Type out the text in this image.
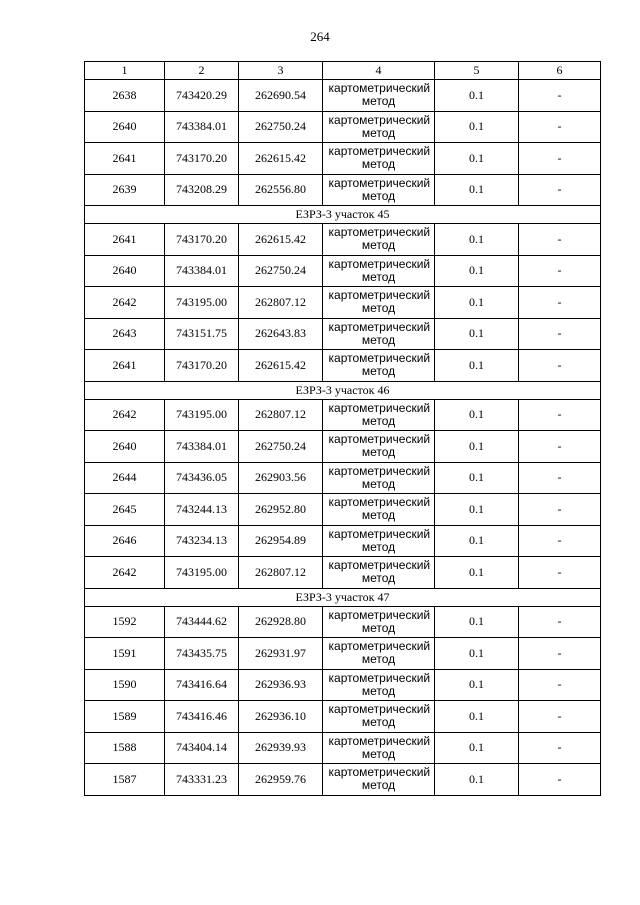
264
1	2	3	4	5	6
2638	743420.29	262690.54	картометрический метод	0.1	-
2640	743384.01	262750.24	картометрический метод	0.1	-
2641	743170.20	262615.42	картометрический метод	0.1	-
2639	743208.29	262556.80	картометрический метод	0.1	-
ЕЗРЗ-3 участок 45					
2641	743170.20	262615.42	картометрический метод	0.1	-
2640	743384.01	262750.24	картометрический метод	0.1	-
2642	743195.00	262807.12	картометрический метод	0.1	-
2643	743151.75	262643.83	картометрический метод	0.1	-
2641	743170.20	262615.42	картометрический метод	0.1	-
ЕЗРЗ-3 участок 46					
2642	743195.00	262807.12	картометрический метод	0.1	-
2640	743384.01	262750.24	картометрический метод	0.1	-
2644	743436.05	262903.56	картометрический метод	0.1	-
2645	743244.13	262952.80	картометрический метод	0.1	-
2646	743234.13	262954.89	картометрический метод	0.1	-
2642	743195.00	262807.12	картометрический метод	0.1	-
ЕЗРЗ-3 участок 47					
1592	743444.62	262928.80	картометрический метод	0.1	-
1591	743435.75	262931.97	картометрический метод	0.1	-
1590	743416.64	262936.93	картометрический метод	0.1	-
1589	743416.46	262936.10	картометрический метод	0.1	-
1588	743404.14	262939.93	картометрический метод	0.1	-
1587	743331.23	262959.76	картометрический метод	0.1	-
